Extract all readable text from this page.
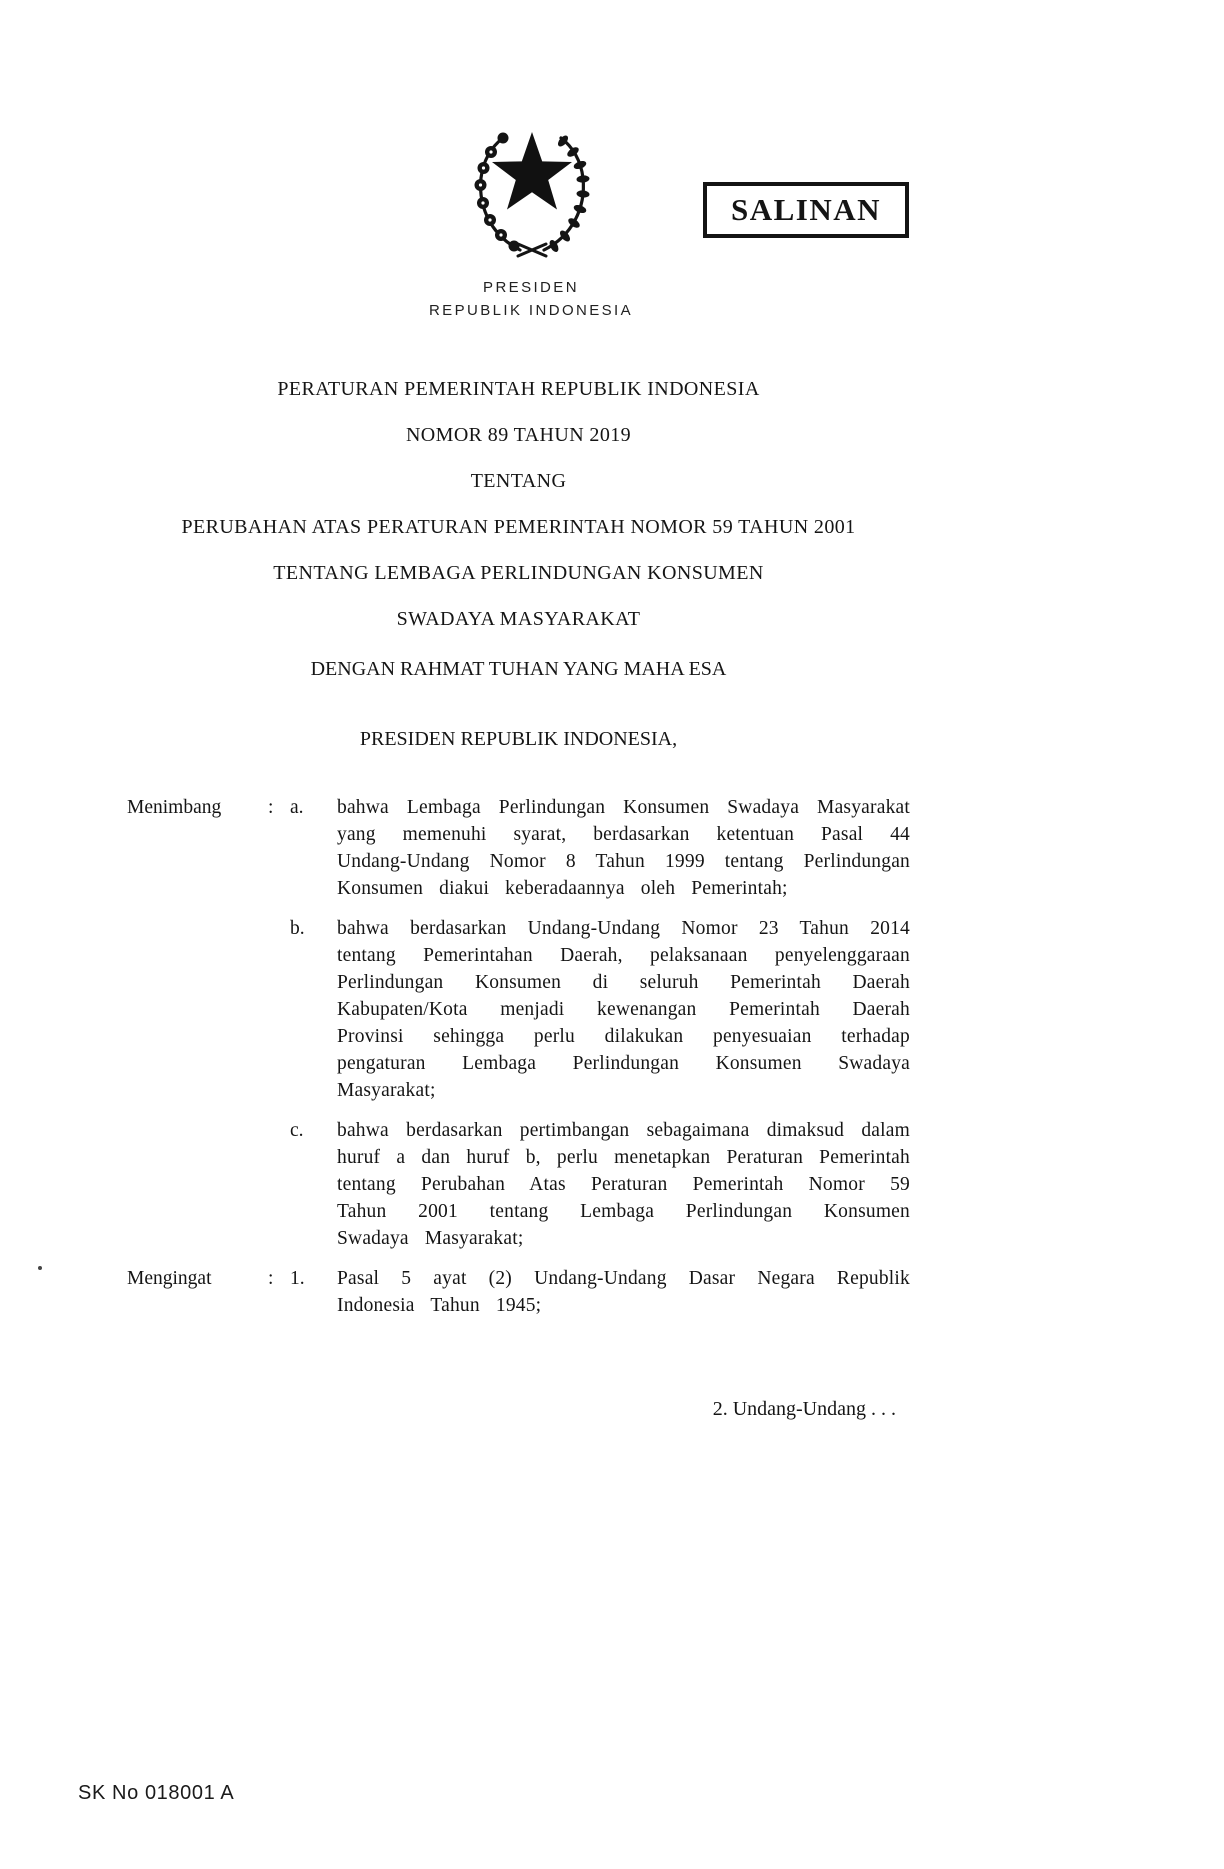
SALINAN
PRESIDEN
REPUBLIK INDONESIA
PERATURAN PEMERINTAH REPUBLIK INDONESIA
NOMOR 89 TAHUN 2019
TENTANG
PERUBAHAN ATAS PERATURAN PEMERINTAH NOMOR 59 TAHUN 2001
TENTANG LEMBAGA PERLINDUNGAN KONSUMEN
SWADAYA MASYARAKAT
DENGAN RAHMAT TUHAN YANG MAHA ESA
PRESIDEN REPUBLIK INDONESIA,
Menimbang	: a.	bahwa Lembaga Perlindungan Konsumen Swadaya Masyarakat yang memenuhi syarat, berdasarkan ketentuan Pasal 44 Undang-Undang Nomor 8 Tahun 1999 tentang Perlindungan Konsumen diakui keberadaannya oleh Pemerintah;
b.	bahwa berdasarkan Undang-Undang Nomor 23 Tahun 2014 tentang Pemerintahan Daerah, pelaksanaan penyelenggaraan Perlindungan Konsumen di seluruh Pemerintah Daerah Kabupaten/Kota menjadi kewenangan Pemerintah Daerah Provinsi sehingga perlu dilakukan penyesuaian terhadap pengaturan Lembaga Perlindungan Konsumen Swadaya Masyarakat;
c.	bahwa berdasarkan pertimbangan sebagaimana dimaksud dalam huruf a dan huruf b, perlu menetapkan Peraturan Pemerintah tentang Perubahan Atas Peraturan Pemerintah Nomor 59 Tahun 2001 tentang Lembaga Perlindungan Konsumen Swadaya Masyarakat;
Mengingat	: 1.	Pasal 5 ayat (2) Undang-Undang Dasar Negara Republik Indonesia Tahun 1945;
2. Undang-Undang . . .
SK No 018001 A
